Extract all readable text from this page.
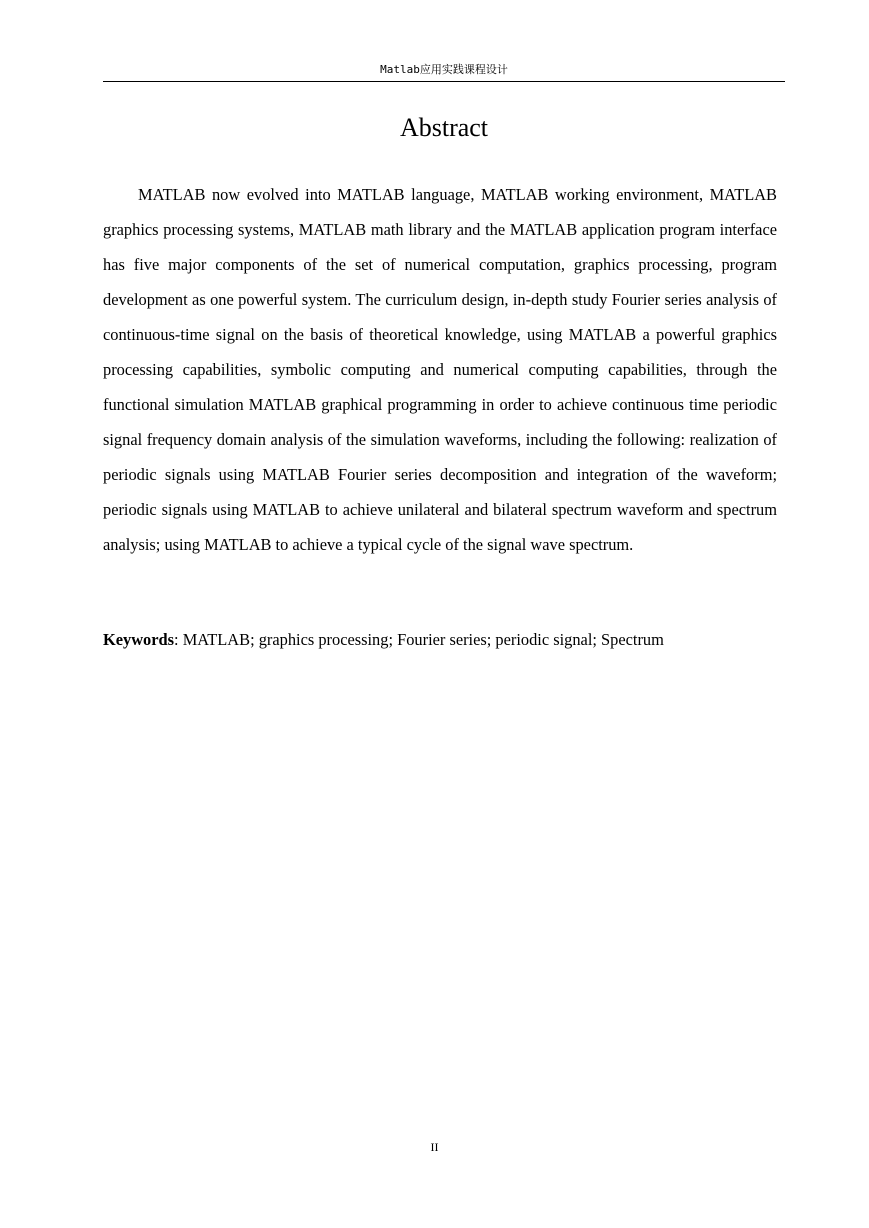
Matlab应用实践课程设计
Abstract

MATLAB now evolved into MATLAB language, MATLAB working environment, MATLAB graphics processing systems, MATLAB math library and the MATLAB application program interface has five major components of the set of numerical computation, graphics processing, program development as one powerful system. The curriculum design, in-depth study Fourier series analysis of continuous-time signal on the basis of theoretical knowledge, using MATLAB a powerful graphics processing capabilities, symbolic computing and numerical computing capabilities, through the functional simulation MATLAB graphical programming in order to achieve continuous time periodic signal frequency domain analysis of the simulation waveforms, including the following: realization of periodic signals using MATLAB Fourier series decomposition and integration of the waveform; periodic signals using MATLAB to achieve unilateral and bilateral spectrum waveform and spectrum analysis; using MATLAB to achieve a typical cycle of the signal wave spectrum.

Keywords: MATLAB; graphics processing; Fourier series; periodic signal; Spectrum

II
